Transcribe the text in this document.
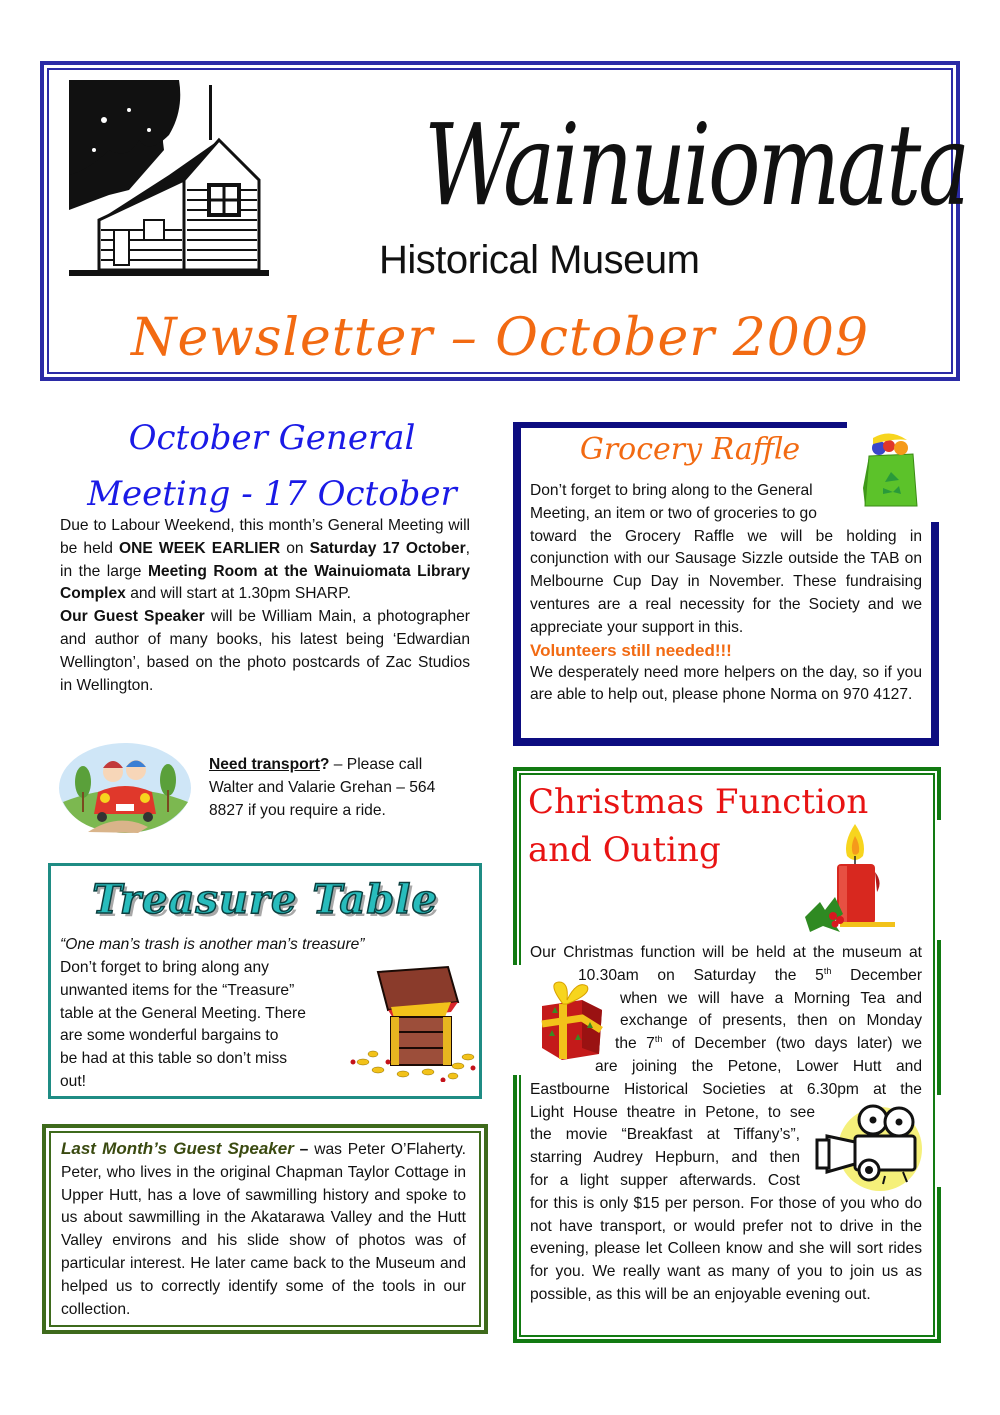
Wainuiomata
Historical Museum
Newsletter – October 2009
October General
Meeting - 17 October

Due to Labour Weekend, this month’s General Meeting will be held ONE WEEK EARLIER on Saturday 17 October, in the large Meeting Room at the Wainuiomata Library Complex and will start at 1.30pm SHARP.

Our Guest Speaker will be William Main, a photographer and author of many books, his latest being ‘Edwardian Wellington’, based on the photo postcards of Zac Studios in Wellington.

Need transport? – Please call Walter and Valarie Grehan – 564 8827 if you require a ride.
Treasure Table
“One man’s trash is another man’s treasure”
Don’t forget to bring along any
unwanted items for the “Treasure”
table at the General Meeting. There
are some wonderful bargains to
be had at this table so don’t miss
out!
Last Month’s Guest Speaker – was Peter O’Flaherty. Peter, who lives in the original Chapman Taylor Cottage in Upper Hutt, has a love of sawmilling history and spoke to us about sawmilling in the Akatarawa Valley and the Hutt Valley environs and his slide show of photos was of particular interest. He later came back to the Museum and helped us to correctly identify some of the tools in our collection.
Grocery Raffle
Don’t forget to bring along to the General
Meeting, an item or two of groceries to go

toward the Grocery Raffle we will be holding in conjunction with our Sausage Sizzle outside the TAB on Melbourne Cup Day in November. These fundraising ventures are a real necessity for the Society and we appreciate your support in this.

Volunteers still needed!!!

We desperately need more helpers on the day, so if you are able to help out, please phone Norma on 970 4127.

Christmas Function
and Outing
Our Christmas function will be held at the museum at
10.30am on Saturday the 5th December
when we will have a Morning Tea and
exchange of presents, then on Monday
the 7th of December (two days later) we
are joining the Petone, Lower Hutt and
Eastbourne Historical Societies at 6.30pm at the
Light House theatre in Petone, to see
the movie “Breakfast at Tiffany’s”,
starring Audrey Hepburn, and then
for a light supper afterwards. Cost

for this is only $15 per person. For those of you who do not have transport, or would prefer not to drive in the evening, please let Colleen know and she will sort rides for you. We really want as many of you to join us as possible, as this will be an enjoyable evening out.
